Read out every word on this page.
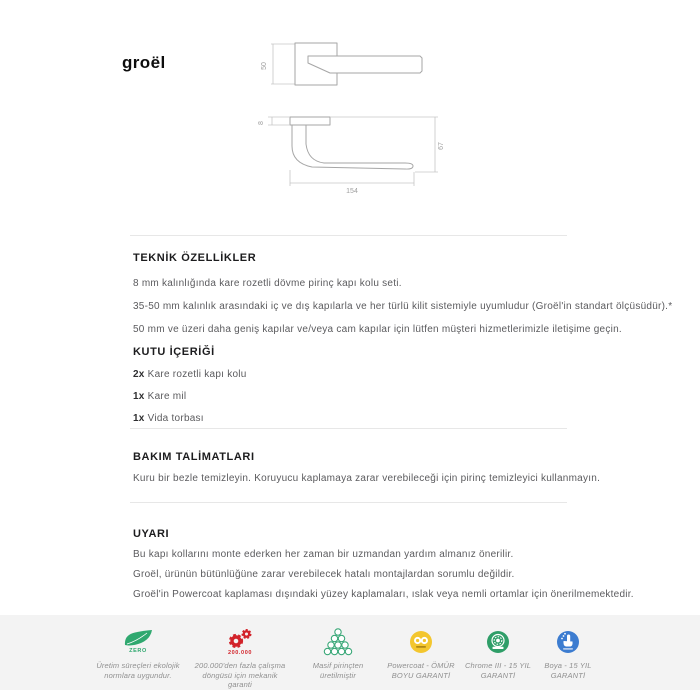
groël	50
8
67
154
TEKNİK ÖZELLİKLER

8 mm kalınlığında kare rozetli dövme pirinç kapı kolu seti.

35-50 mm kalınlık arasındaki iç ve dış kapılarla ve her türlü kilit sistemiyle uyumludur (Groël'in standart ölçüsüdür).*

50 mm ve üzeri daha geniş kapılar ve/veya cam kapılar için lütfen müşteri hizmetlerimizle iletişime geçin.

KUTU İÇERİĞİ

2x Kare rozetli kapı kolu

1x Kare mil

1x Vida torbası

BAKIM TALİMATLARI

Kuru bir bezle temizleyin. Koruyucu kaplamaya zarar verebileceği için pirinç temizleyici kullanmayın.

UYARI

Bu kapı kollarını monte ederken her zaman bir uzmandan yardım almanız önerilir.

Groël, ürünün bütünlüğüne zarar verebilecek hatalı montajlardan sorumlu değildir.

Groël'in Powercoat kaplaması dışındaki yüzey kaplamaları, ıslak veya nemli ortamlar için önerilmemektedir.

ZERO
Üretim süreçleri ekolojik normlara uygundur.
200.000
200.000'den fazla çalışma döngüsü için mekanik garanti
Masif pirinçten üretilmiştir
Powercoat - ÖMÜR BOYU GARANTİ
Chrome III - 15 YIL GARANTİ
Boya - 15 YIL GARANTİ
